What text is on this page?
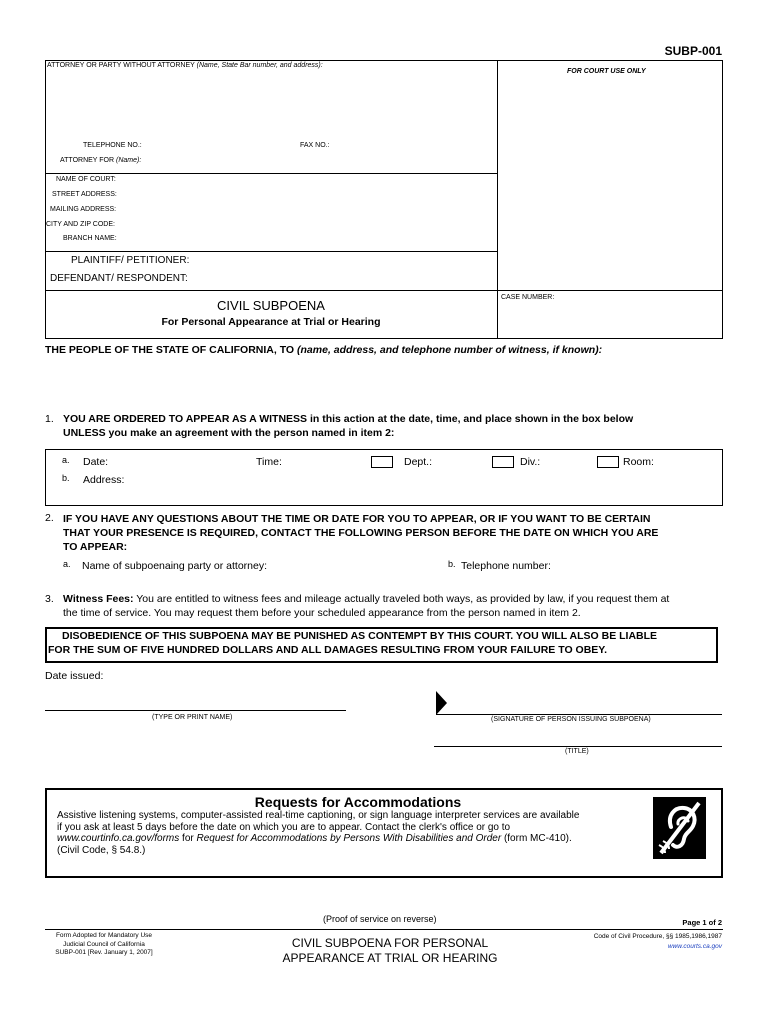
SUBP-001
ATTORNEY OR PARTY WITHOUT ATTORNEY (Name, State Bar number, and address):
TELEPHONE NO.:	FAX NO.:
ATTORNEY FOR (Name):
FOR COURT USE ONLY
NAME OF COURT:
STREET ADDRESS:
MAILING ADDRESS:
CITY AND ZIP CODE:
BRANCH NAME:
PLAINTIFF/ PETITIONER:
DEFENDANT/ RESPONDENT:
CIVIL SUBPOENA
For Personal Appearance at Trial or Hearing
CASE NUMBER:
THE PEOPLE OF THE STATE OF CALIFORNIA, TO (name, address, and telephone number of witness, if known):
1. YOU ARE ORDERED TO APPEAR AS A WITNESS in this action at the date, time, and place shown in the box below
UNLESS you make an agreement with the person named in item 2:
a. Date:	Time:	Dept.:	Div.:	Room:
b. Address:
2. IF YOU HAVE ANY QUESTIONS ABOUT THE TIME OR DATE FOR YOU TO APPEAR, OR IF YOU WANT TO BE CERTAIN
THAT YOUR PRESENCE IS REQUIRED, CONTACT THE FOLLOWING PERSON BEFORE THE DATE ON WHICH YOU ARE
TO APPEAR:
a. Name of subpoenaing party or attorney:	b. Telephone number:
3. Witness Fees: You are entitled to witness fees and mileage actually traveled both ways, as provided by law, if you request them at
the time of service. You may request them before your scheduled appearance from the person named in item 2.
DISOBEDIENCE OF THIS SUBPOENA MAY BE PUNISHED AS CONTEMPT BY THIS COURT. YOU WILL ALSO BE LIABLE
FOR THE SUM OF FIVE HUNDRED DOLLARS AND ALL DAMAGES RESULTING FROM YOUR FAILURE TO OBEY.
Date issued:
(TYPE OR PRINT NAME)	(SIGNATURE OF PERSON ISSUING SUBPOENA)
(TITLE)
Requests for Accommodations
Assistive listening systems, computer-assisted real-time captioning, or sign language interpreter services are available
if you ask at least 5 days before the date on which you are to appear. Contact the clerk's office or go to
www.courtinfo.ca.gov/forms for Request for Accommodations by Persons With Disabilities and Order (form MC-410).
(Civil Code, § 54.8.)
(Proof of service on reverse)	Page 1 of 2
Form Adopted for Mandatory Use
Judicial Council of California
SUBP-001 [Rev. January 1, 2007]
CIVIL SUBPOENA FOR PERSONAL
APPEARANCE AT TRIAL OR HEARING
Code of Civil Procedure, §§ 1985,1986,1987
www.courts.ca.gov
